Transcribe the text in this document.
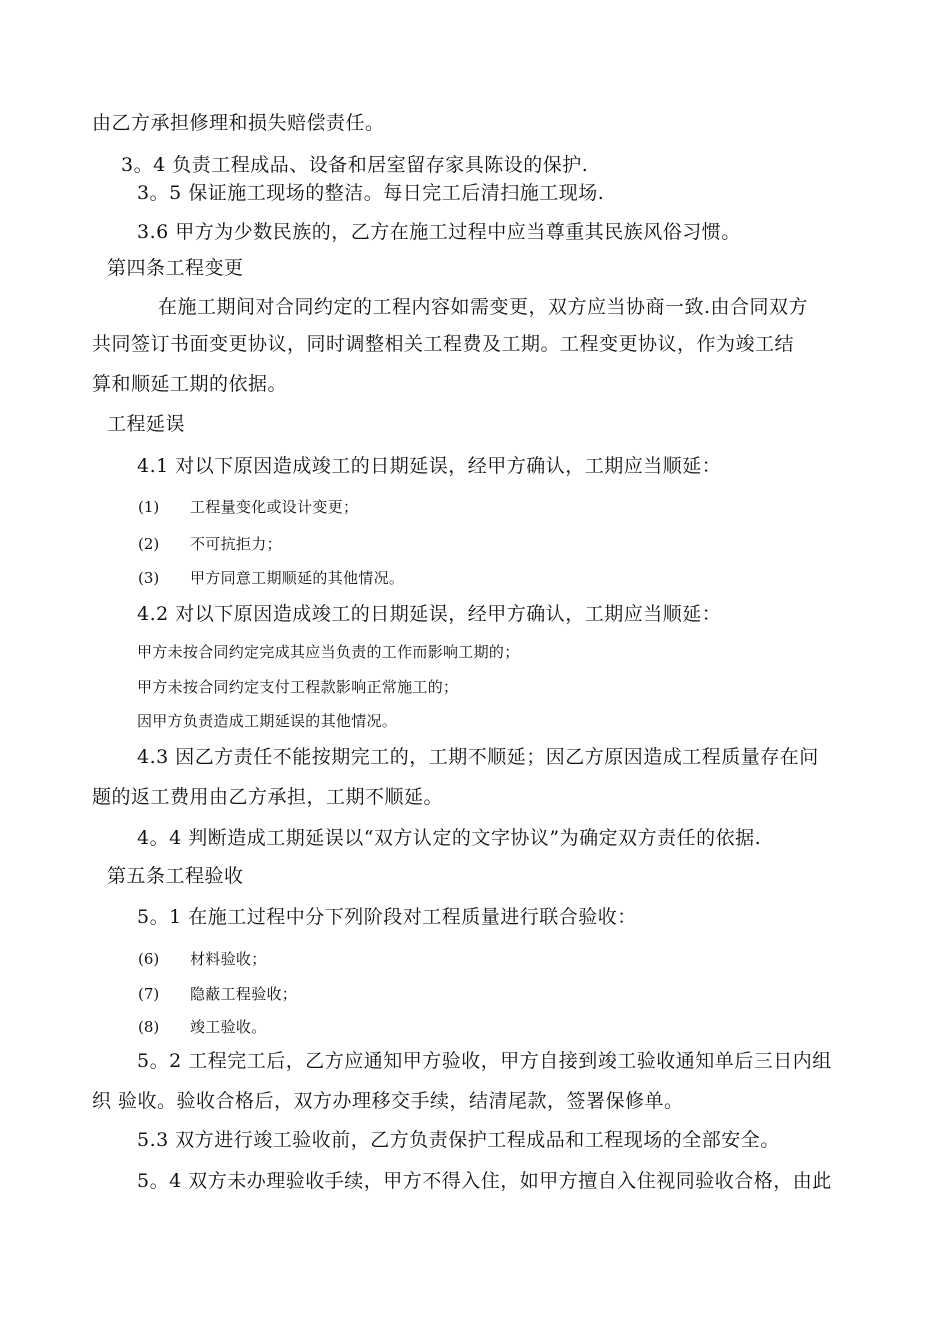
由乙方承担修理和损失赔偿责任。
3。4 负责工程成品、设备和居室留存家具陈设的保护.
3。5 保证施工现场的整洁。每日完工后清扫施工现场.
3.6 甲方为少数民族的，乙方在施工过程中应当尊重其民族风俗习惯。
第四条工程变更
在施工期间对合同约定的工程内容如需变更，双方应当协商一致.由合同双方
共同签订书面变更协议，同时调整相关工程费及工期。工程变更协议，作为竣工结
算和顺延工期的依据。
工程延误
4.1 对以下原因造成竣工的日期延误，经甲方确认，工期应当顺延：
(1) 工程量变化或设计变更；
(2) 不可抗拒力；
(3) 甲方同意工期顺延的其他情况。
4.2 对以下原因造成竣工的日期延误，经甲方确认，工期应当顺延：
甲方未按合同约定完成其应当负责的工作而影响工期的；
甲方未按合同约定支付工程款影响正常施工的；
因甲方负责造成工期延误的其他情况。
4.3 因乙方责任不能按期完工的，工期不顺延；因乙方原因造成工程质量存在问
题的返工费用由乙方承担，工期不顺延。
4。4 判断造成工期延误以“双方认定的文字协议”为确定双方责任的依据.
第五条工程验收
5。1 在施工过程中分下列阶段对工程质量进行联合验收：
(6) 材料验收；
(7) 隐蔽工程验收；
(8) 竣工验收。
5。2 工程完工后，乙方应通知甲方验收，甲方自接到竣工验收通知单后三日内组
织 验收。验收合格后，双方办理移交手续，结清尾款，签署保修单。
5.3 双方进行竣工验收前，乙方负责保护工程成品和工程现场的全部安全。
5。4 双方未办理验收手续，甲方不得入住，如甲方擅自入住视同验收合格，由此
